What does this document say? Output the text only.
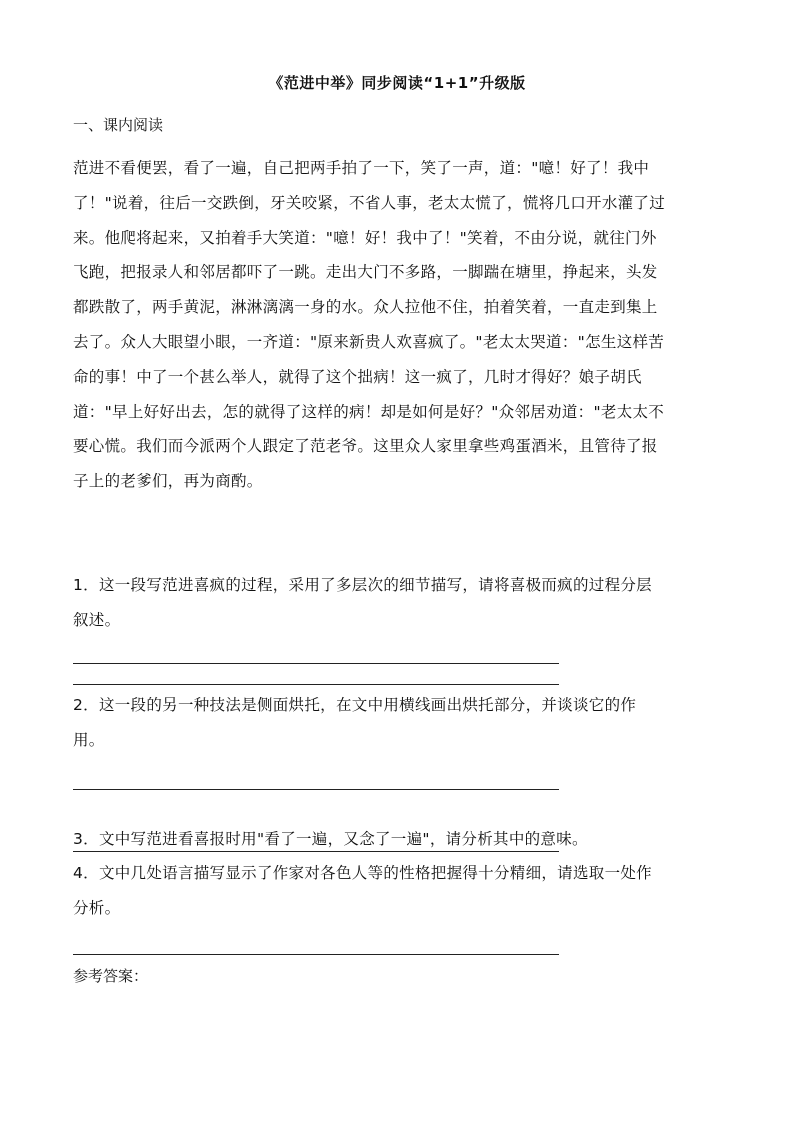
《范进中举》同步阅读“1+1”升级版
一、课内阅读
范进不看便罢，看了一遍，自己把两手拍了一下，笑了一声，道："噫！好了！我中
了！"说着，往后一交跌倒，牙关咬紧，不省人事，老太太慌了，慌将几口开水灌了过
来。他爬将起来，又拍着手大笑道："噫！好！我中了！"笑着，不由分说，就往门外
飞跑，把报录人和邻居都吓了一跳。走出大门不多路，一脚踹在塘里，挣起来，头发
都跌散了，两手黄泥，淋淋漓漓一身的水。众人拉他不住，拍着笑着，一直走到集上
去了。众人大眼望小眼，一齐道："原来新贵人欢喜疯了。"老太太哭道："怎生这样苦
命的事！中了一个甚么举人，就得了这个拙病！这一疯了，几时才得好？娘子胡氏
道："早上好好出去，怎的就得了这样的病！却是如何是好？"众邻居劝道："老太太不
要心慌。我们而今派两个人跟定了范老爷。这里众人家里拿些鸡蛋酒米，且管待了报
子上的老爹们，再为商酌。
1．这一段写范进喜疯的过程，采用了多层次的细节描写，请将喜极而疯的过程分层
叙述。
2．这一段的另一种技法是侧面烘托，在文中用横线画出烘托部分，并谈谈它的作
用。
3．文中写范进看喜报时用"看了一遍，又念了一遍"，请分析其中的意味。
4．文中几处语言描写显示了作家对各色人等的性格把握得十分精细，请选取一处作
分析。
参考答案：
